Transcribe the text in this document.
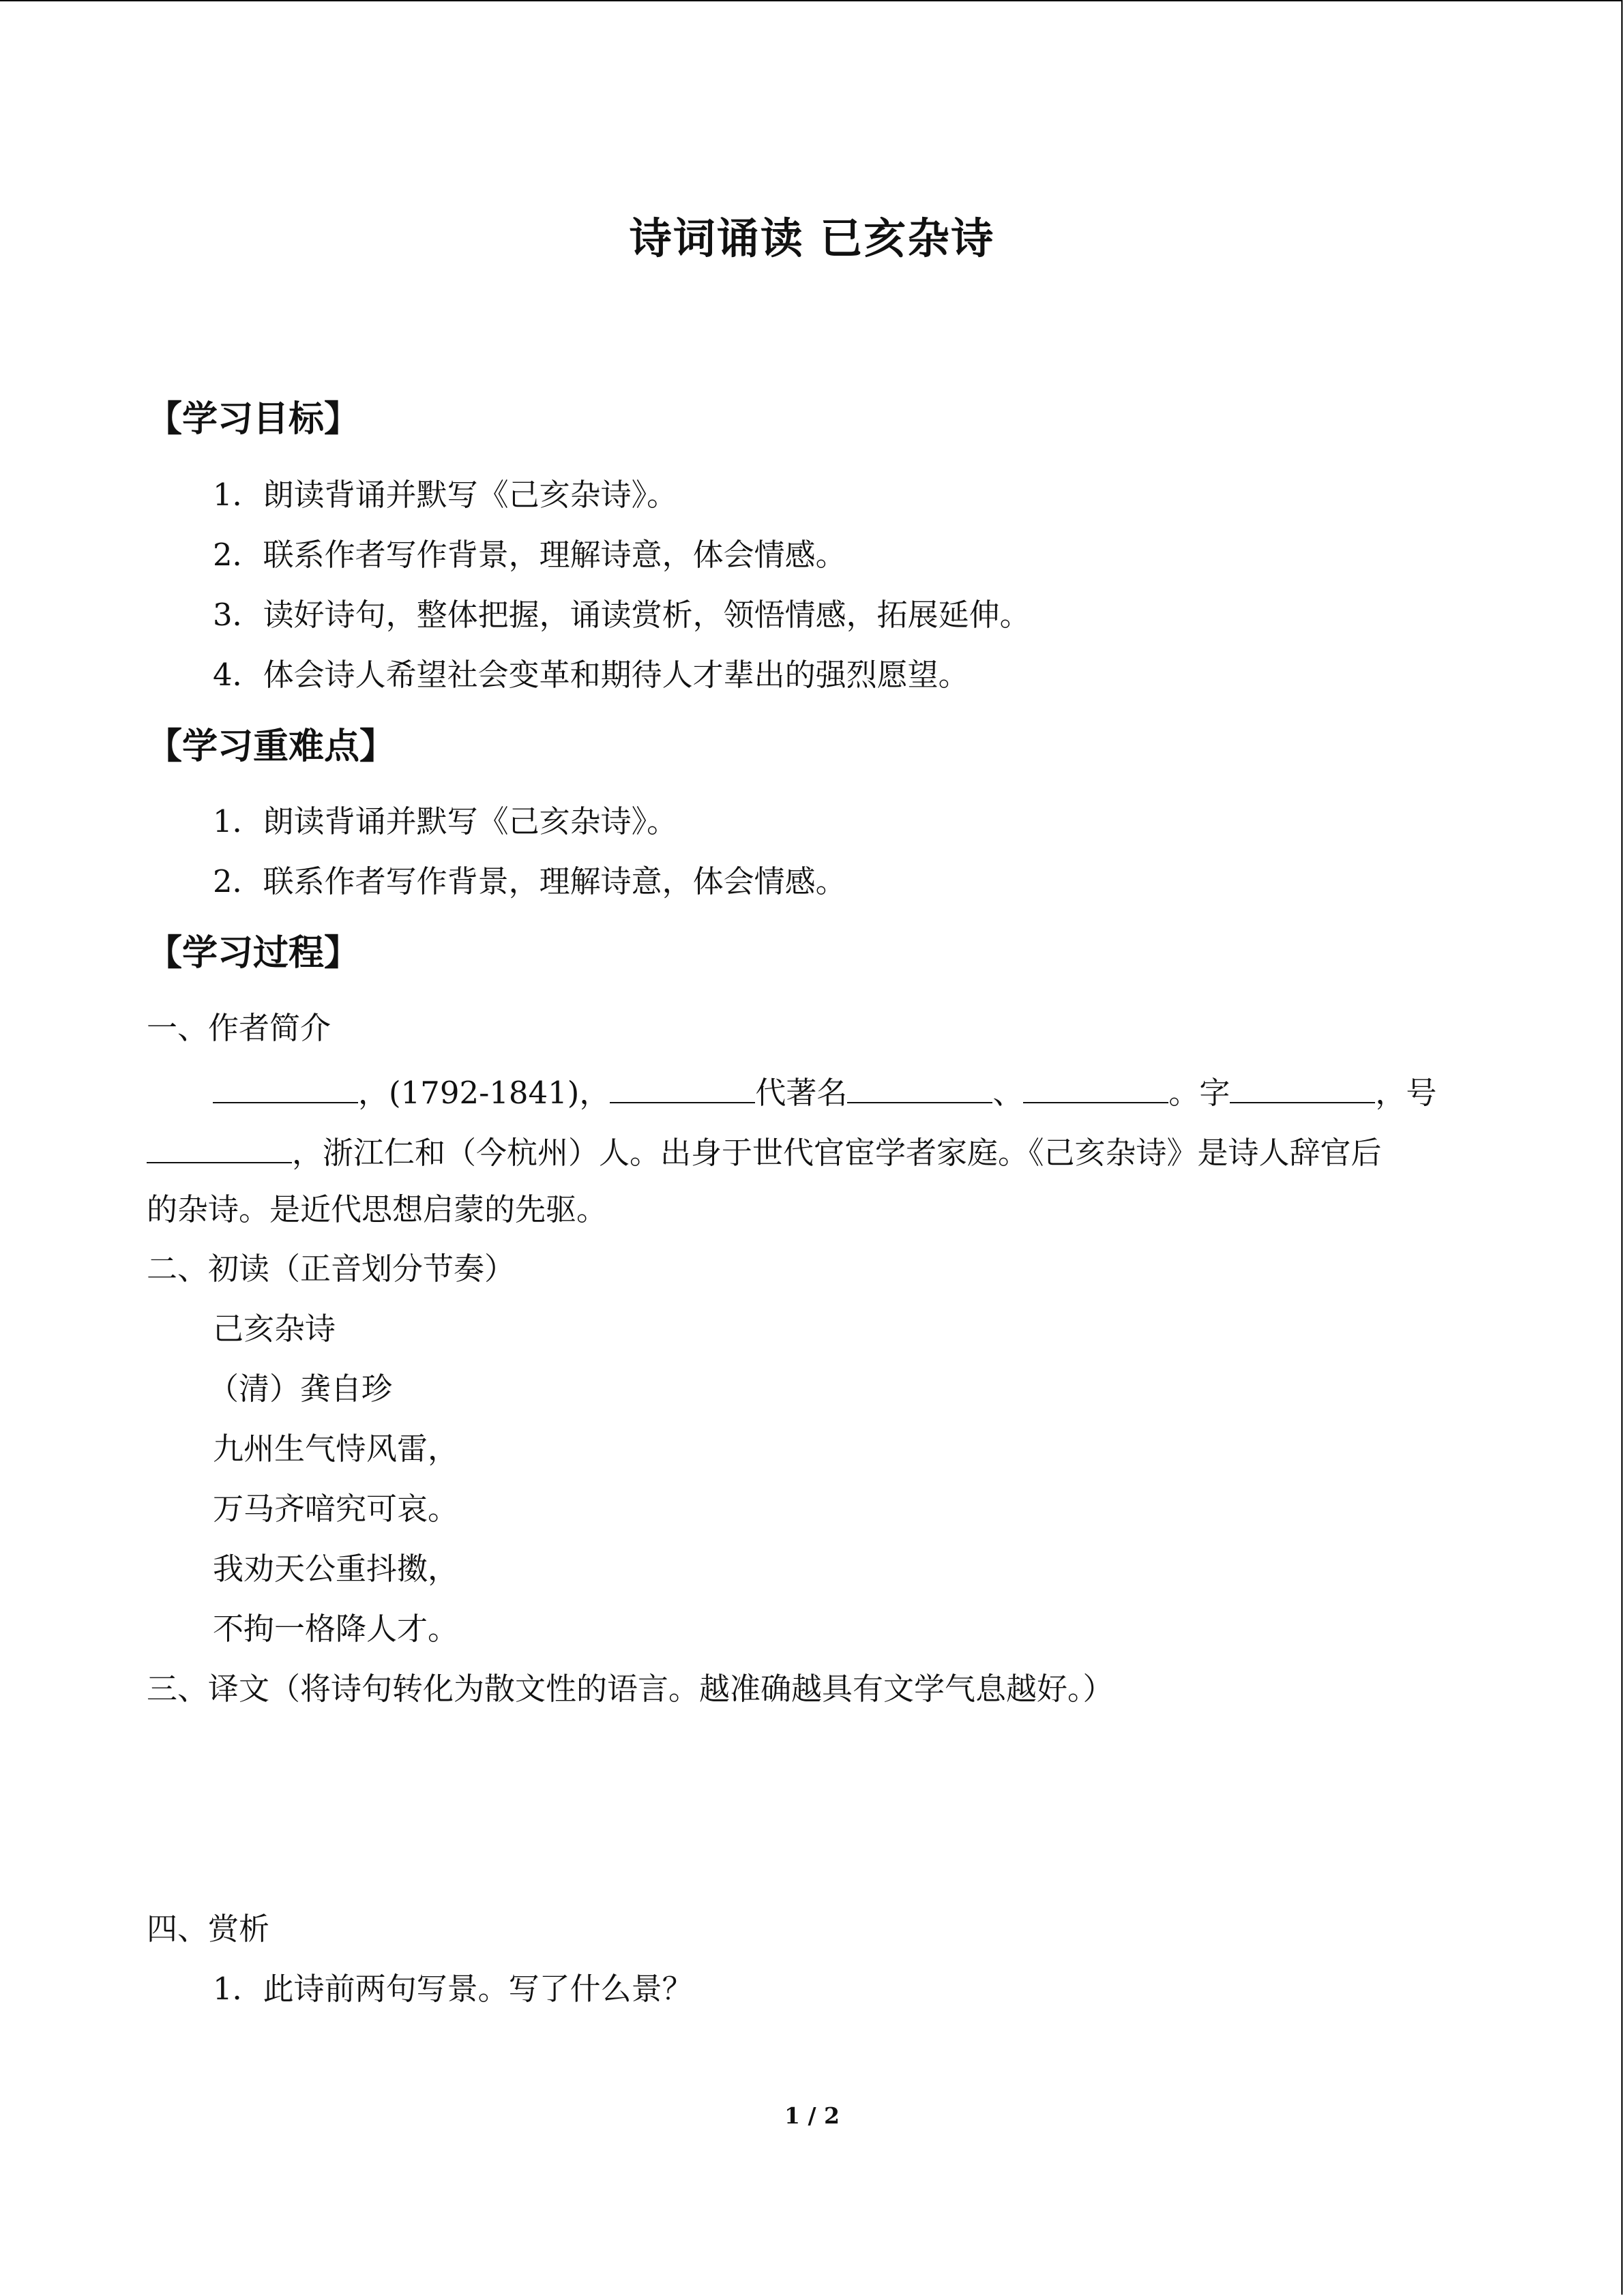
诗词诵读 已亥杂诗
【学习目标】
1．朗读背诵并默写《己亥杂诗》。
2．联系作者写作背景，理解诗意，体会情感。
3．读好诗句，整体把握，诵读赏析，领悟情感，拓展延伸。
4．体会诗人希望社会变革和期待人才辈出的强烈愿望。
【学习重难点】
1．朗读背诵并默写《己亥杂诗》。
2．联系作者写作背景，理解诗意，体会情感。
【学习过程】
一、作者简介
，(1792-1841)，	代著名	、	。字	，号
，浙江仁和（今杭州）人。出身于世代官宦学者家庭。《己亥杂诗》是诗人辞官后
的杂诗。是近代思想启蒙的先驱。
二、初读（正音划分节奏）
己亥杂诗
（清）龚自珍
九州生气恃风雷，
万马齐喑究可哀。
我劝天公重抖擞，
不拘一格降人才。
三、译文（将诗句转化为散文性的语言。越准确越具有文学气息越好。）
四、赏析
1．此诗前两句写景。写了什么景？
1 / 2
